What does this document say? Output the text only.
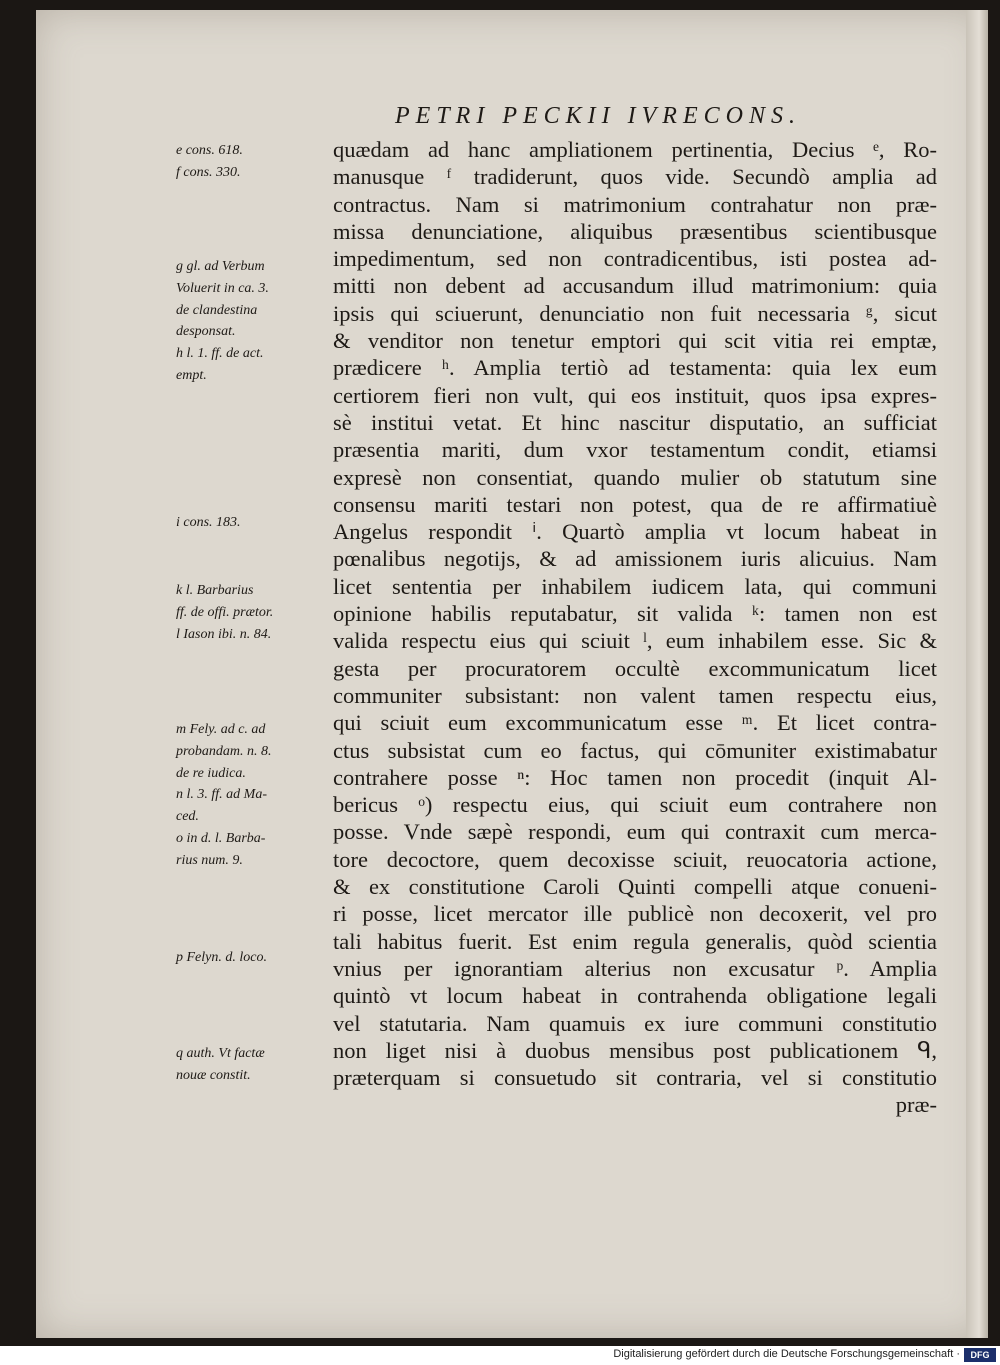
PETRI PECKII IVRECONS.
quædam ad hanc ampliationem pertinentia, Decius ᵉ, Ro-
manusque ᶠ tradiderunt, quos vide. Secundò amplia ad
contractus. Nam si matrimonium contrahatur non præ-
missa denunciatione, aliquibus præsentibus scientibusque
impedimentum, sed non contradicentibus, isti postea ad-
mitti non debent ad accusandum illud matrimonium: quia
ipsis qui sciuerunt, denunciatio non fuit necessaria ᵍ, sicut
& venditor non tenetur emptori qui scit vitia rei emptæ,
prædicere ʰ. Amplia tertiò ad testamenta: quia lex eum
certiorem fieri non vult, qui eos instituit, quos ipsa expres-
sè institui vetat. Et hinc nascitur disputatio, an sufficiat
præsentia mariti, dum vxor testamentum condit, etiamsi
expresè non consentiat, quando mulier ob statutum sine
consensu mariti testari non potest, qua de re affirmatiuè
Angelus respondit ⁱ. Quartò amplia vt locum habeat in
pœnalibus negotijs, & ad amissionem iuris alicuius. Nam
licet sententia per inhabilem iudicem lata, qui communi
opinione habilis reputabatur, sit valida ᵏ: tamen non est
valida respectu eius qui sciuit ˡ, eum inhabilem esse. Sic &
gesta per procuratorem occultè excommunicatum licet
communiter subsistant: non valent tamen respectu eius,
qui sciuit eum excommunicatum esse ᵐ. Et licet contra-
ctus subsistat cum eo factus, qui cōmuniter existimabatur
contrahere posse ⁿ: Hoc tamen non procedit (inquit Al-
bericus ᵒ) respectu eius, qui sciuit eum contrahere non
posse. Vnde sæpè respondi, eum qui contraxit cum merca-
tore decoctore, quem decoxisse sciuit, reuocatoria actione,
& ex constitutione Caroli Quinti compelli atque conueni-
ri posse, licet mercator ille publicè non decoxerit, vel pro
tali habitus fuerit. Est enim regula generalis, quòd scientia
vnius per ignorantiam alterius non excusatur ᵖ. Amplia
quintò vt locum habeat in contrahenda obligatione legali
vel statutaria. Nam quamuis ex iure communi constitutio
non liget nisi à duobus mensibus post publicationem ᑫ,
præterquam si consuetudo sit contraria, vel si constitutio
præ-
e cons. 618.
f cons. 330.
g gl. ad Verbum
Voluerit in ca. 3.
de clandestina
desponsat.
h l. 1. ff. de act.
empt.
i cons. 183.
k l. Barbarius
ff. de offi. prætor.
l Iason ibi. n. 84.
m Fely. ad c. ad
probandam. n. 8.
de re iudica.
n l. 3. ff. ad Ma-
ced.
o in d. l. Barba-
rius num. 9.
p Felyn. d. loco.
q auth. Vt factæ
nouæ constit.
Digitalisierung gefördert durch die Deutsche Forschungsgemeinschaft ·	DFG
